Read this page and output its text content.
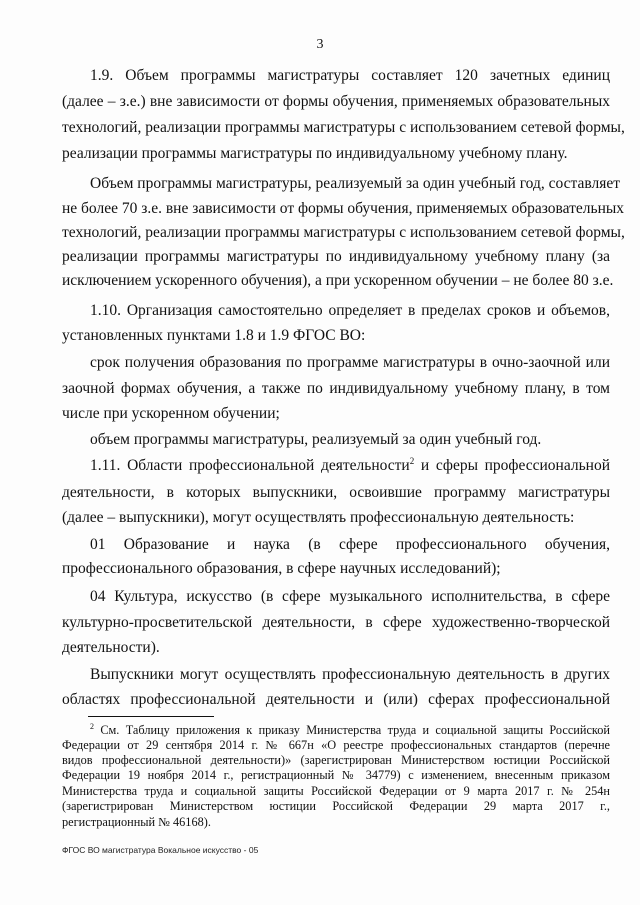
3
1.9. Объем программы магистратуры составляет 120 зачетных единиц
(далее – з.е.) вне зависимости от формы обучения, применяемых образовательных
технологий, реализации программы магистратуры с использованием сетевой формы,
реализации программы магистратуры по индивидуальному учебному плану.
Объем программы магистратуры, реализуемый за один учебный год, составляет
не более 70 з.е. вне зависимости от формы обучения, применяемых образовательных
технологий, реализации программы магистратуры с использованием сетевой формы,
реализации программы магистратуры по индивидуальному учебному плану (за
исключением ускоренного обучения), а при ускоренном обучении – не более 80 з.е.
1.10. Организация самостоятельно определяет в пределах сроков и объемов,
установленных пунктами 1.8 и 1.9 ФГОС ВО:
срок получения образования по программе магистратуры в очно-заочной или
заочной формах обучения, а также по индивидуальному учебному плану, в том
числе при ускоренном обучении;
объем программы магистратуры, реализуемый за один учебный год.
1.11. Области профессиональной деятельности$^2$ и сферы профессиональной
деятельности, в которых выпускники, освоившие программу магистратуры
(далее – выпускники), могут осуществлять профессиональную деятельность:
01 Образование и наука (в сфере профессионального обучения,
профессионального образования, в сфере научных исследований);
04 Культура, искусство (в сфере музыкального исполнительства, в сфере
культурно-просветительской деятельности, в сфере художественно-творческой
деятельности).
Выпускники могут осуществлять профессиональную деятельность в других
областях профессиональной деятельности и (или) сферах профессиональной
$^2$ См. Таблицу приложения к приказу Министерства труда и социальной защиты Российской
Федерации от 29 сентября 2014 г. № 667н «О реестре профессиональных стандартов (перечне
видов профессиональной деятельности)» (зарегистрирован Министерством юстиции Российской
Федерации 19 ноября 2014 г., регистрационный № 34779) с изменением, внесенным приказом
Министерства труда и социальной защиты Российской Федерации от 9 марта 2017 г. № 254н
(зарегистрирован Министерством юстиции Российской Федерации 29 марта 2017 г.,
регистрационный № 46168).
ФГОС ВО магистратура Вокальное искусство - 05
